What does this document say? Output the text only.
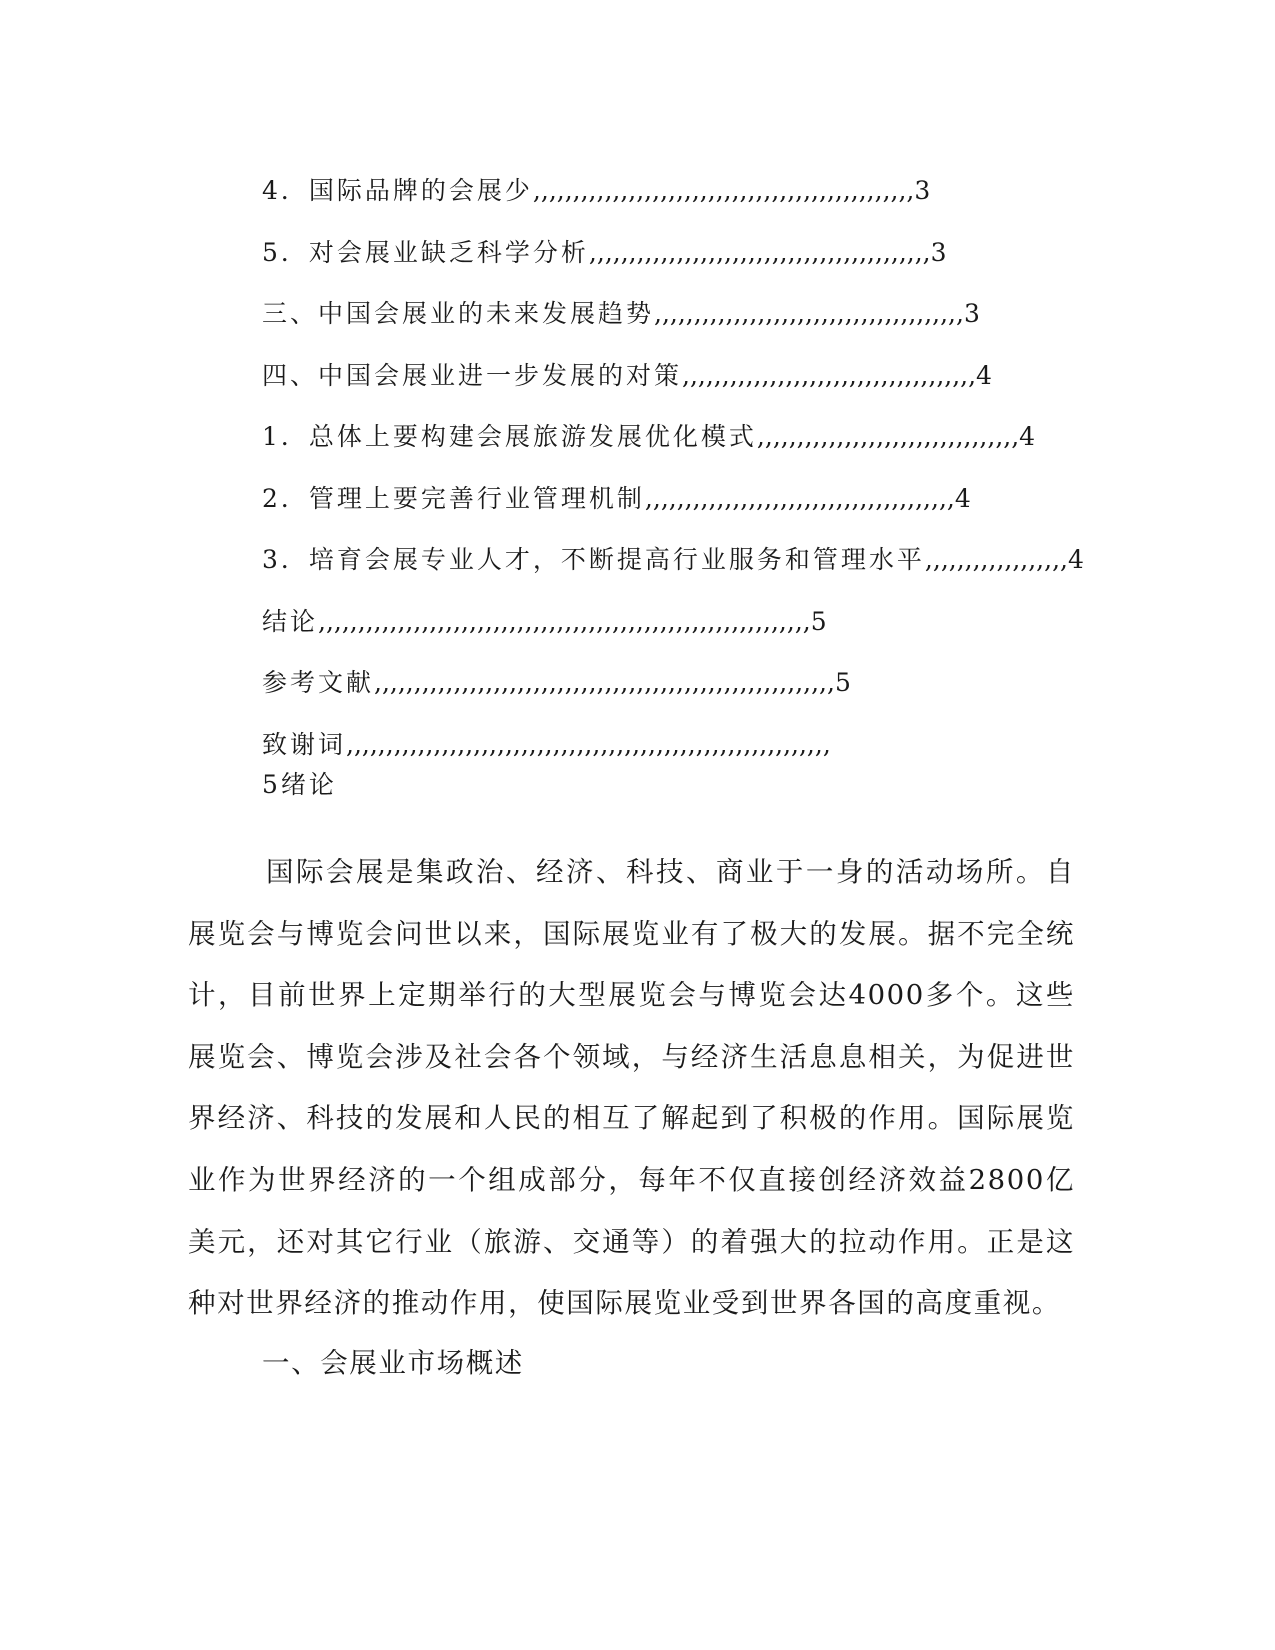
4．国际品牌的会展少,,,,,,,,,,,,,,,,,,,,,,,,,,,,,,,,,,,,,,,,,,,,,,,,3
5．对会展业缺乏科学分析,,,,,,,,,,,,,,,,,,,,,,,,,,,,,,,,,,,,,,,,,,,3
三、中国会展业的未来发展趋势,,,,,,,,,,,,,,,,,,,,,,,,,,,,,,,,,,,,,,,3
四、中国会展业进一步发展的对策,,,,,,,,,,,,,,,,,,,,,,,,,,,,,,,,,,,,,4
1．总体上要构建会展旅游发展优化模式,,,,,,,,,,,,,,,,,,,,,,,,,,,,,,,,,4
2．管理上要完善行业管理机制,,,,,,,,,,,,,,,,,,,,,,,,,,,,,,,,,,,,,,,4
3．培育会展专业人才，不断提高行业服务和管理水平,,,,,,,,,,,,,,,,,,4
结论,,,,,,,,,,,,,,,,,,,,,,,,,,,,,,,,,,,,,,,,,,,,,,,,,,,,,,,,,,,,,,5
参考文献,,,,,,,,,,,,,,,,,,,,,,,,,,,,,,,,,,,,,,,,,,,,,,,,,,,,,,,,,,5
致谢词,,,,,,,,,,,,,,,,,,,,,,,,,,,,,,,,,,,,,,,,,,,,,,,,,,,,,,,,,,,,,
5绪论

国际会展是集政治、经济、科技、商业于一身的活动场所。自展览会与博览会问世以来，国际展览业有了极大的发展。据不完全统计，目前世界上定期举行的大型展览会与博览会达4000多个。这些展览会、博览会涉及社会各个领域，与经济生活息息相关，为促进世界经济、科技的发展和人民的相互了解起到了积极的作用。国际展览业作为世界经济的一个组成部分，每年不仅直接创经济效益2800亿美元，还对其它行业（旅游、交通等）的着强大的拉动作用。正是这种对世界经济的推动作用，使国际展览业受到世界各国的高度重视。

一、会展业市场概述
